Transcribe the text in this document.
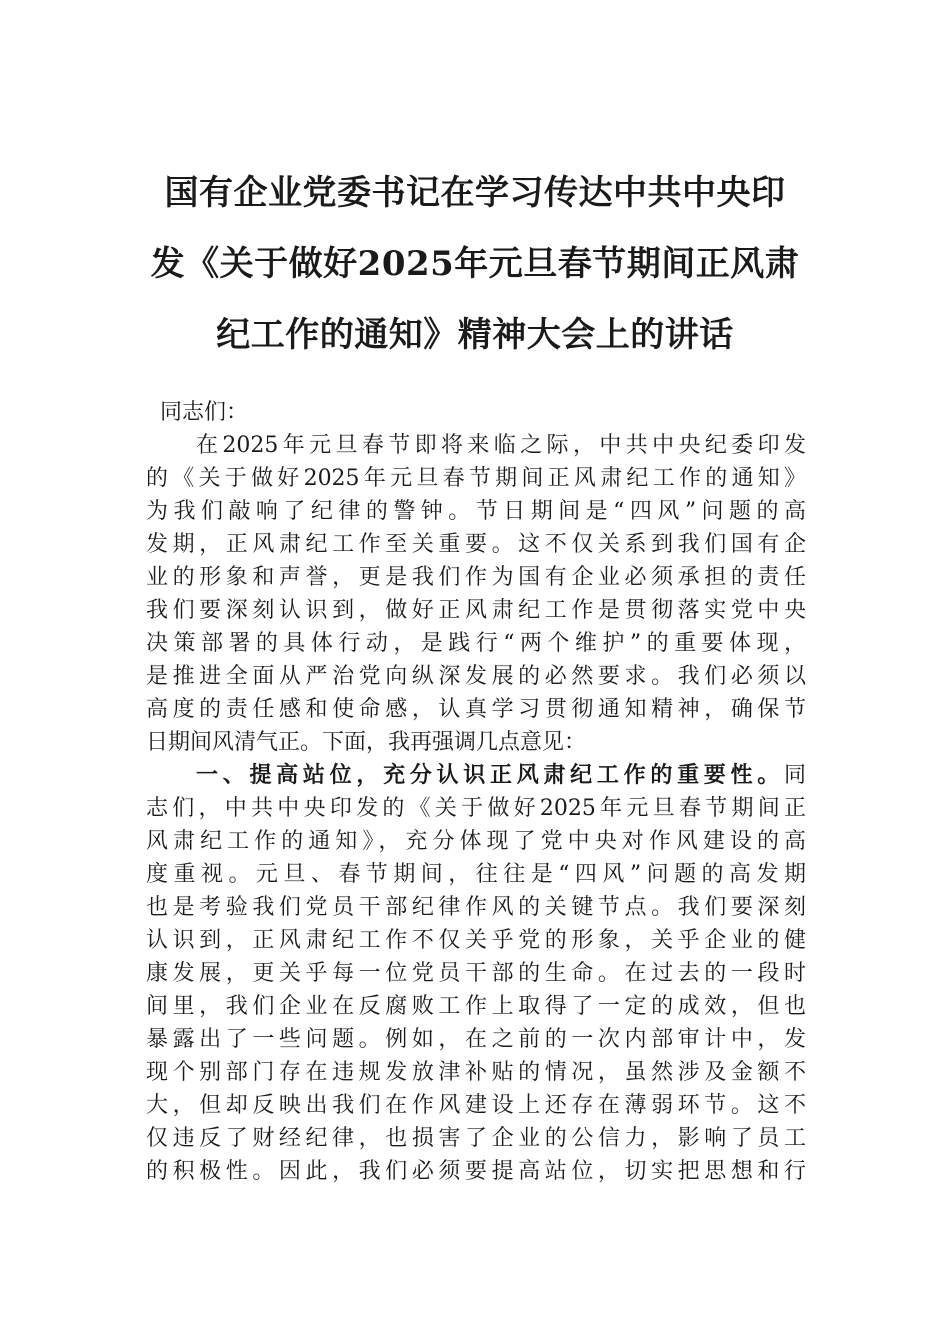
国有企业党委书记在学习传达中共中央印
发《关于做好2025年元旦春节期间正风肃
纪工作的通知》精神大会上的讲话
同志们：
在2025年元旦春节即将来临之际，中共中央纪委印发
的《关于做好2025年元旦春节期间正风肃纪工作的通知》
为我们敲响了纪律的警钟。节日期间是“四风”问题的高
发期，正风肃纪工作至关重要。这不仅关系到我们国有企
业的形象和声誉，更是我们作为国有企业必须承担的责任
我们要深刻认识到，做好正风肃纪工作是贯彻落实党中央
决策部署的具体行动，是践行“两个维护”的重要体现，
是推进全面从严治党向纵深发展的必然要求。我们必须以
高度的责任感和使命感，认真学习贯彻通知精神，确保节
日期间风清气正。下面，我再强调几点意见：
一、提高站位，充分认识正风肃纪工作的重要性。同
志们，中共中央印发的《关于做好2025年元旦春节期间正
风肃纪工作的通知》，充分体现了党中央对作风建设的高
度重视。元旦、春节期间，往往是“四风”问题的高发期
也是考验我们党员干部纪律作风的关键节点。我们要深刻
认识到，正风肃纪工作不仅关乎党的形象，关乎企业的健
康发展，更关乎每一位党员干部的生命。在过去的一段时
间里，我们企业在反腐败工作上取得了一定的成效，但也
暴露出了一些问题。例如，在之前的一次内部审计中，发
现个别部门存在违规发放津补贴的情况，虽然涉及金额不
大，但却反映出我们在作风建设上还存在薄弱环节。这不
仅违反了财经纪律，也损害了企业的公信力，影响了员工
的积极性。因此，我们必须要提高站位，切实把思想和行
